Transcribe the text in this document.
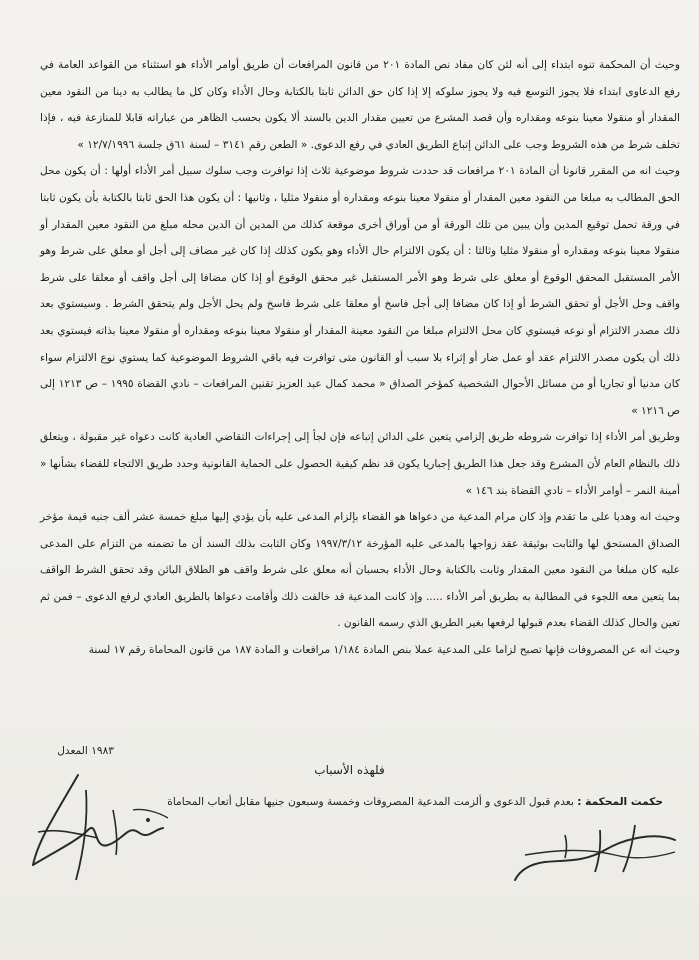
وحيث أن المحكمة تنوه ابتداء إلى أنه لئن كان مفاد نص المادة ٢٠١ من قانون المرافعات أن طريق أوامر الأداء هو استثناء من القواعد العامة في رفع الدعاوى ابتداء فلا يجوز التوسع فيه ولا يجوز سلوكه إلا إذا كان حق الدائن ثابتا بالكتابة وحال الأداء وكان كل ما يطالب به دينا من النقود معين المقدار أو منقولا معينا بنوعه ومقداره وأن قصد المشرع من تعيين مقدار الدين بالسند ألا يكون بحسب الظاهر من عباراته قابلا للمنازعة فيه ، فإذا تخلف شرط من هذه الشروط وجب على الدائن إتباع الطريق العادي في رفع الدعوى. « الطعن رقم ٣١٤١ – لسنة ٦١ق جلسة ١٢/٧/١٩٩٦ »

وحيث انه من المقرر قانونا أن المادة ٢٠١ مرافعات قد حددت شروط موضوعية ثلاث إذا توافرت وجب سلوك سبيل أمر الأداء أولها : أن يكون محل الحق المطالب به مبلغا من النقود معين المقدار أو منقولا معينا بنوعه ومقداره أو منقولا مثليا ، وثانيها : أن يكون هذا الحق ثابتا بالكتابة بأن يكون ثابتا في ورقة تحمل توقيع المدين وأن يبين من تلك الورقة أو من أوراق أخرى موقعة كذلك من المدين أن الدين محله مبلغ من النقود معين المقدار أو منقولا معينا بنوعه ومقداره أو منقولا مثليا وثالثا : أن يكون الالتزام حال الأداء وهو يكون كذلك إذا كان غير مضاف إلى أجل أو معلق على شرط وهو الأمر المستقبل المحقق الوقوع أو معلق على شرط وهو الأمر المستقبل غير محقق الوقوع أو إذا كان مضافا إلى أجل واقف أو معلقا على شرط واقف وحل الأجل أو تحقق الشرط أو إذا كان مضافا إلى أجل فاسخ أو معلقا على شرط فاسخ ولم يحل الأجل ولم يتحقق الشرط . وسيستوي بعد ذلك مصدر الالتزام أو نوعه فيستوي كان محل الالتزام مبلغا من النقود معينة المقدار أو منقولا معينا بنوعه ومقداره أو منقولا معينا بذاته فيستوي بعد ذلك أن يكون مصدر الالتزام عقد أو عمل ضار أو إثراء بلا سبب أو القانون متى توافرت فيه باقي الشروط الموضوعية كما يستوي نوع الالتزام سواء كان مدنيا أو تجاريا أو من مسائل الأحوال الشخصية كمؤخر الصداق « محمد كمال عبد العزيز تقنين المرافعات – نادي القضاة ١٩٩٥ – ص ١٢١٣ إلى ص ١٢١٦ »

وطريق أمر الأداء إذا توافرت شروطه طريق إلزامي يتعين على الدائن إتباعه فإن لجأ إلى إجراءات التقاضي العادية كانت دعواه غير مقبولة ، ويتعلق ذلك بالنظام العام لأن المشرع وقد جعل هذا الطريق إجباريا يكون قد نظم كيفية الحصول على الحماية القانونية وحدد طريق الالتجاء للقضاء بشأنها « أمينة النمر – أوامر الأداء – نادي القضاة بند ١٤٦ »

وحيث انه وهديا على ما تقدم وإذ كان مرام المدعية من دعواها هو القضاء بإلزام المدعى عليه بأن يؤدي إليها مبلغ خمسة عشر ألف جنيه قيمة مؤخر الصداق المستحق لها والثابت بوثيقة عقد زواجها بالمدعى عليه المؤرخة ١٩٩٧/٣/١٢ وكان الثابت بذلك السند أن ما تضمنه من التزام على المدعى عليه كان مبلغا من النقود معين المقدار وثابت بالكتابة وحال الأداء بحسبان أنه معلق على شرط واقف هو الطلاق البائن وقد تحقق الشرط الواقف بما يتعين معه اللجوء في المطالبة به بطريق أمر الأداء ..... وإذ كانت المدعية قد خالفت ذلك وأقامت دعواها بالطريق العادي لرفع الدعوى – فمن ثم تعين والحال كذلك القضاء بعدم قبولها لرفعها بغير الطريق الذي رسمه القانون .

وحيث انه عن المصروفات فإنها تصبح لزاما على المدعية عملا بنص المادة ١/١٨٤ مرافعات و المادة ١٨٧ من قانون المحاماة رقم ١٧ لسنة

١٩٨٣ المعدل
فلهذه الأسباب
حكمت المحكمة : بعدم قبول الدعوى و ألزمت المدعية المصروفات وخمسة وسبعون جنيها مقابل أتعاب المحاماة
